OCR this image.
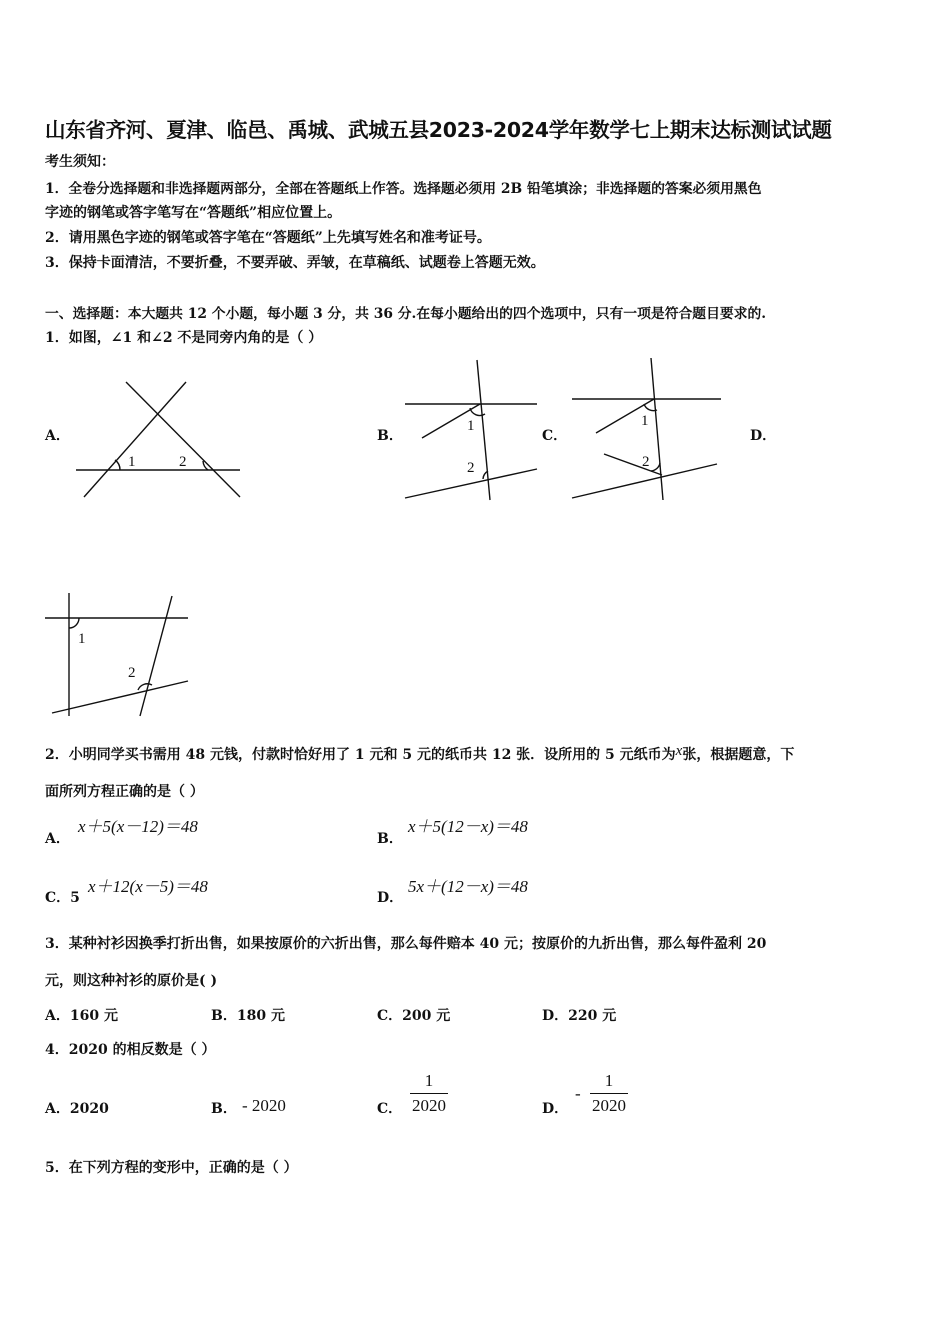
山东省齐河、夏津、临邑、禹城、武城五县2023-2024学年数学七上期末达标测试试题
考生须知：
1．全卷分选择题和非选择题两部分，全部在答题纸上作答。选择题必须用 2B 铅笔填涂；非选择题的答案必须用黑色
字迹的钢笔或答字笔写在“答题纸”相应位置上。
2．请用黑色字迹的钢笔或答字笔在“答题纸”上先填写姓名和准考证号。
3．保持卡面清洁，不要折叠，不要弄破、弄皱，在草稿纸、试题卷上答题无效。
一、选择题：本大题共 12 个小题，每小题 3 分，共 36 分.在每小题给出的四个选项中，只有一项是符合题目要求的.
1．如图，∠1 和∠2 不是同旁内角的是（ ）
A．	B．	C．	D．
1	2
1
2
1
2
1
2
2．小明同学买书需用 48 元钱，付款时恰好用了 1 元和 5 元的纸币共 12 张．设所用的 5 元纸币为x张，根据题意，下
面所列方程正确的是（ ）
A．
x＋5(x－12)＝48
B．
x＋5(12－x)＝48
C．5
x＋12(x－5)＝48
D．
5x＋(12－x)＝48
3．某种衬衫因换季打折出售，如果按原价的六折出售，那么每件赔本 40 元；按原价的九折出售，那么每件盈利 20
元，则这种衬衫的原价是( )
A．160 元	B．180 元	C．200 元	D．220 元
4．2020 的相反数是（ ）
A．2020	B． - 2020	C．
1
2020	D．
-
1
2020
5．在下列方程的变形中，正确的是（ ）
